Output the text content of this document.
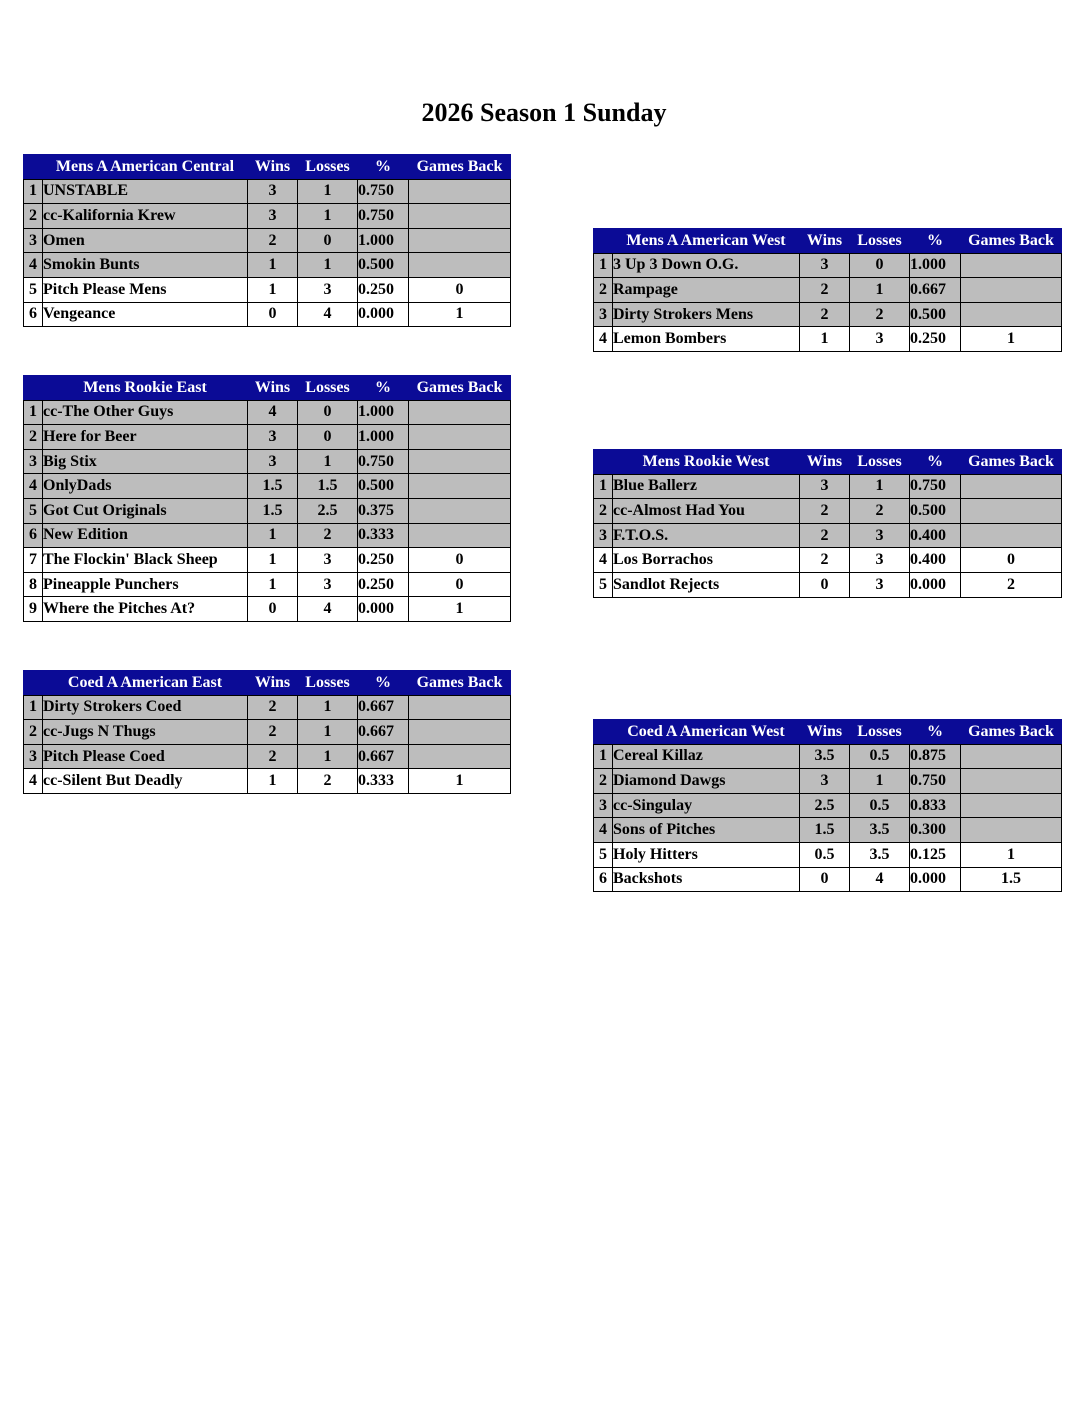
2026 Season 1 Sunday
	Mens A American Central	Wins	Losses	%	Games Back
1	UNSTABLE	3	1	0.750	
2	cc-Kalifornia Krew	3	1	0.750	
3	Omen	2	0	1.000	
4	Smokin Bunts	1	1	0.500	
5	Pitch Please Mens	1	3	0.250	0
6	Vengeance	0	4	0.000	1
	Mens Rookie East	Wins	Losses	%	Games Back
1	cc-The Other Guys	4	0	1.000	
2	Here for Beer	3	0	1.000	
3	Big Stix	3	1	0.750	
4	OnlyDads	1.5	1.5	0.500	
5	Got Cut Originals	1.5	2.5	0.375	
6	New Edition	1	2	0.333	
7	The Flockin' Black Sheep	1	3	0.250	0
8	Pineapple Punchers	1	3	0.250	0
9	Where the Pitches At?	0	4	0.000	1
	Coed A American East	Wins	Losses	%	Games Back
1	Dirty Strokers Coed	2	1	0.667	
2	cc-Jugs N Thugs	2	1	0.667	
3	Pitch Please Coed	2	1	0.667	
4	cc-Silent But Deadly	1	2	0.333	1
	Mens A American West	Wins	Losses	%	Games Back
1	3 Up 3 Down O.G.	3	0	1.000	
2	Rampage	2	1	0.667	
3	Dirty Strokers Mens	2	2	0.500	
4	Lemon Bombers	1	3	0.250	1
	Mens Rookie West	Wins	Losses	%	Games Back
1	Blue Ballerz	3	1	0.750	
2	cc-Almost Had You	2	2	0.500	
3	F.T.O.S.	2	3	0.400	
4	Los Borrachos	2	3	0.400	0
5	Sandlot Rejects	0	3	0.000	2
	Coed A American West	Wins	Losses	%	Games Back
1	Cereal Killaz	3.5	0.5	0.875	
2	Diamond Dawgs	3	1	0.750	
3	cc-Singulay	2.5	0.5	0.833	
4	Sons of Pitches	1.5	3.5	0.300	
5	Holy Hitters	0.5	3.5	0.125	1
6	Backshots	0	4	0.000	1.5
